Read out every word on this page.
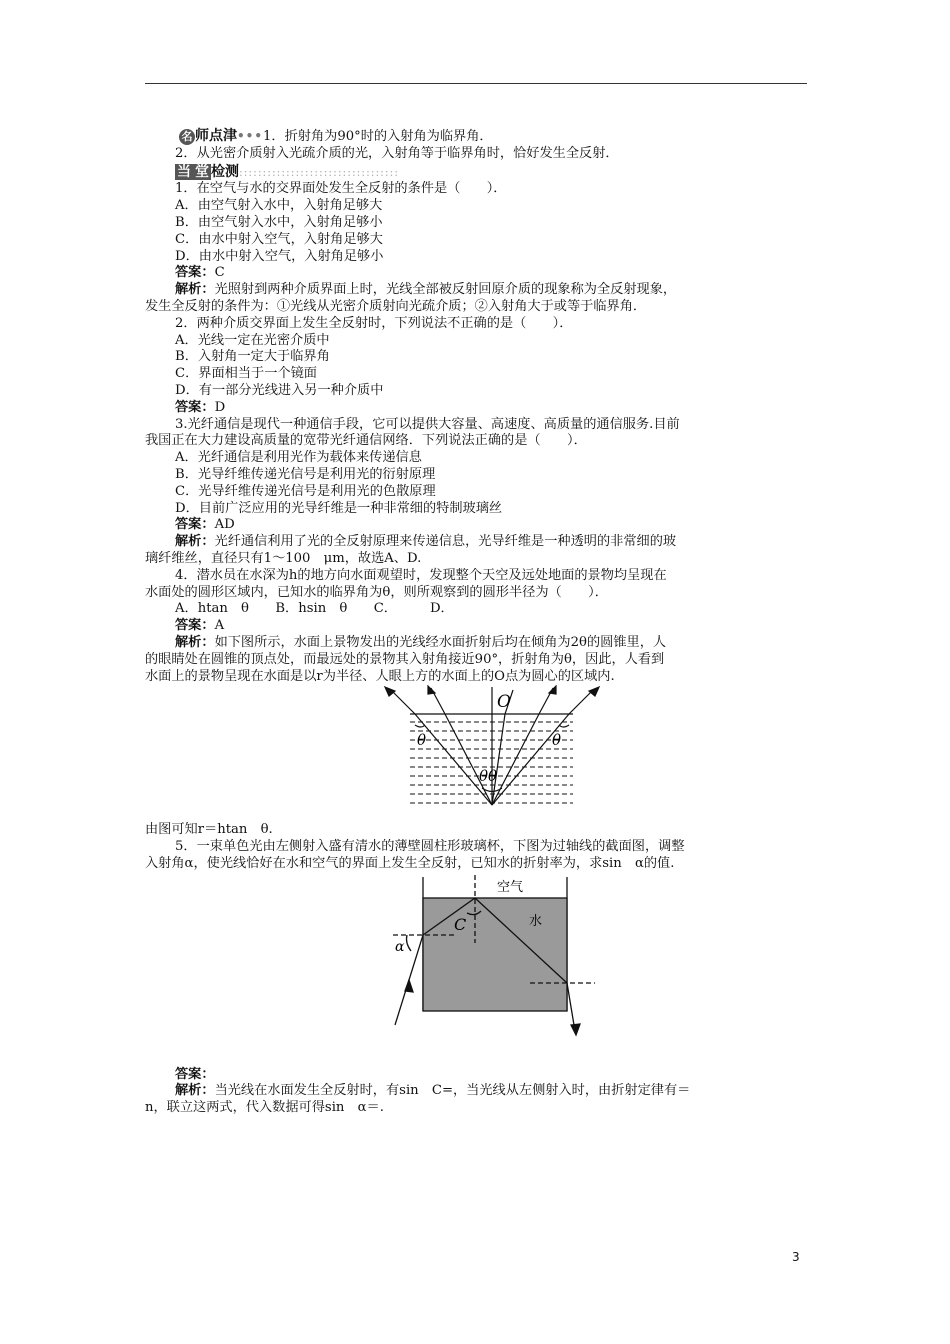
名 师点津•••1．折射角为90°时的入射角为临界角．

2．从光密介质射入光疏介质的光，入射角等于临界角时，恰好发生全反射．

当 堂 检测::::::::::::::::::::::::::::::::::

1．在空气与水的交界面处发生全反射的条件是（　　）．

A．由空气射入水中，入射角足够大

B．由空气射入水中，入射角足够小

C．由水中射入空气，入射角足够大

D．由水中射入空气，入射角足够小

答案：C

解析：光照射到两种介质界面上时，光线全部被反射回原介质的现象称为全反射现象，

发生全反射的条件为：①光线从光密介质射向光疏介质；②入射角大于或等于临界角．

2．两种介质交界面上发生全反射时，下列说法不正确的是（　　）．

A．光线一定在光密介质中

B．入射角一定大于临界角

C．界面相当于一个镜面

D．有一部分光线进入另一种介质中

答案：D

3.光纤通信是现代一种通信手段，它可以提供大容量、高速度、高质量的通信服务.目前

我国正在大力建设高质量的宽带光纤通信网络．下列说法正确的是（　　）．

A．光纤通信是利用光作为载体来传递信息

B．光导纤维传递光信号是利用光的衍射原理

C．光导纤维传递光信号是利用光的色散原理

D．目前广泛应用的光导纤维是一种非常细的特制玻璃丝

答案：AD

解析：光纤通信利用了光的全反射原理来传递信息，光导纤维是一种透明的非常细的玻

璃纤维丝，直径只有1～100　μm，故选A、D.

4．潜水员在水深为h的地方向水面观望时，发现整个天空及远处地面的景物均呈现在

水面处的圆形区域内，已知水的临界角为θ，则所观察到的圆形半径为（　　）．

A．htan　θ　　B．hsin　θ　　C．　　　D．

答案：A

解析：如下图所示，水面上景物发出的光线经水面折射后均在倾角为2θ的圆锥里，人

的眼睛处在圆锥的顶点处，而最远处的景物其入射角接近90°，折射角为θ，因此，人看到

水面上的景物呈现在水面是以r为半径、人眼上方的水面上的O点为圆心的区域内.

O
θ	θ
θθ

由图可知r＝htan　θ.

5．一束单色光由左侧射入盛有清水的薄壁圆柱形玻璃杯，下图为过轴线的截面图，调整

入射角α，使光线恰好在水和空气的界面上发生全反射，已知水的折射率为，求sin　α的值.

空气
水
C
α

答案：

解析：当光线在水面发生全反射时，有sin　C=，当光线从左侧射入时，由折射定律有＝

n，联立这两式，代入数据可得sin　α＝.

3
